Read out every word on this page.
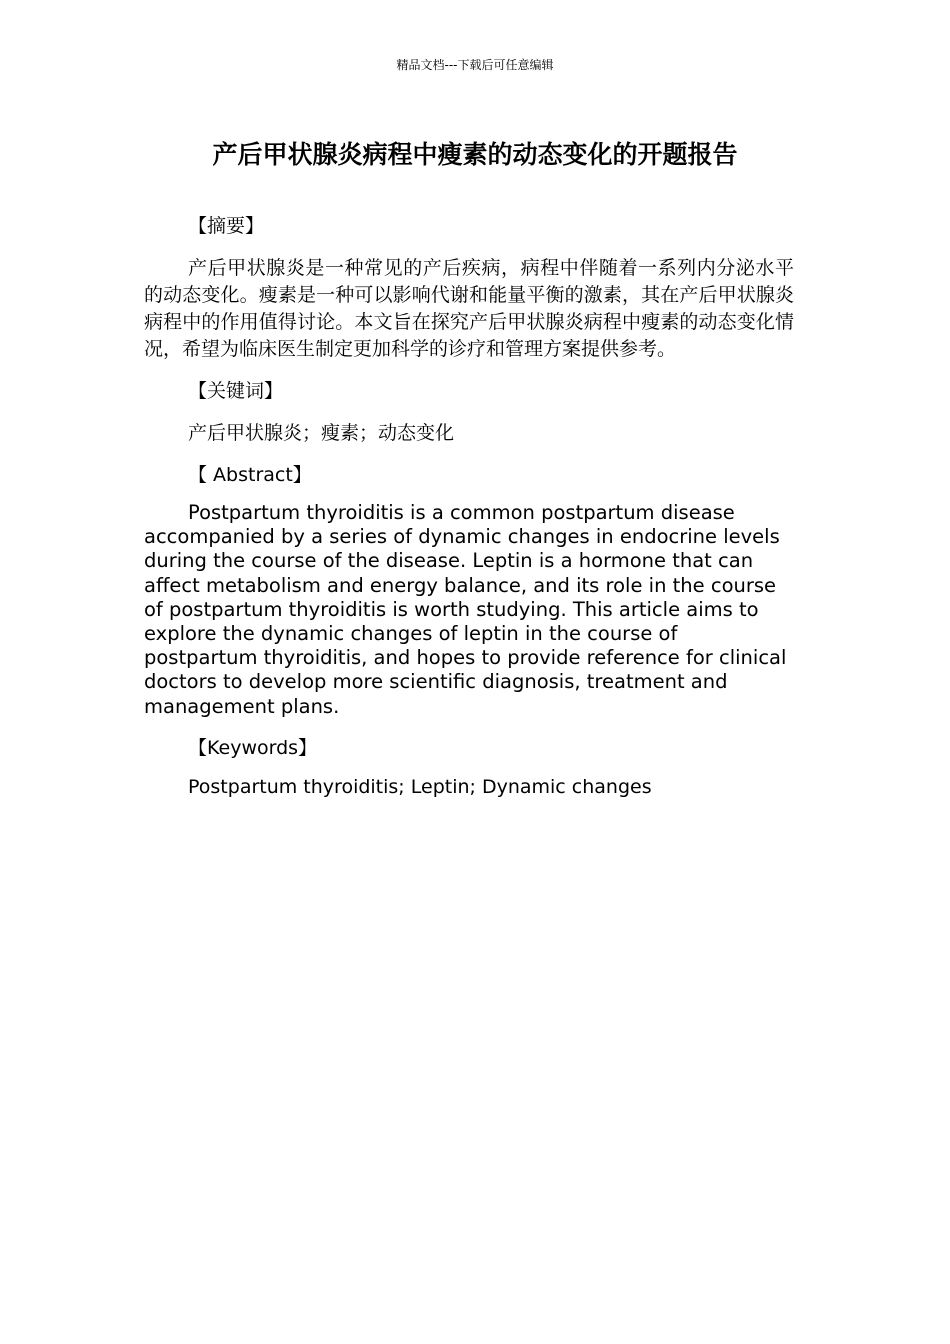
精品文档---下载后可任意编辑
产后甲状腺炎病程中瘦素的动态变化的开题报告

【摘要】

产后甲状腺炎是一种常见的产后疾病，病程中伴随着一系列内分泌水平的动态变化。瘦素是一种可以影响代谢和能量平衡的激素，其在产后甲状腺炎病程中的作用值得讨论。本文旨在探究产后甲状腺炎病程中瘦素的动态变化情况，希望为临床医生制定更加科学的诊疗和管理方案提供参考。

【关键词】

产后甲状腺炎；瘦素；动态变化

【 Abstract】

Postpartum thyroiditis is a common postpartum disease accompanied by a series of dynamic changes in endocrine levels during the course of the disease. Leptin is a hormone that can affect metabolism and energy balance, and its role in the course of postpartum thyroiditis is worth studying. This article aims to explore the dynamic changes of leptin in the course of postpartum thyroiditis, and hopes to provide reference for clinical doctors to develop more scientific diagnosis, treatment and management plans.

【Keywords】

Postpartum thyroiditis; Leptin; Dynamic changes
